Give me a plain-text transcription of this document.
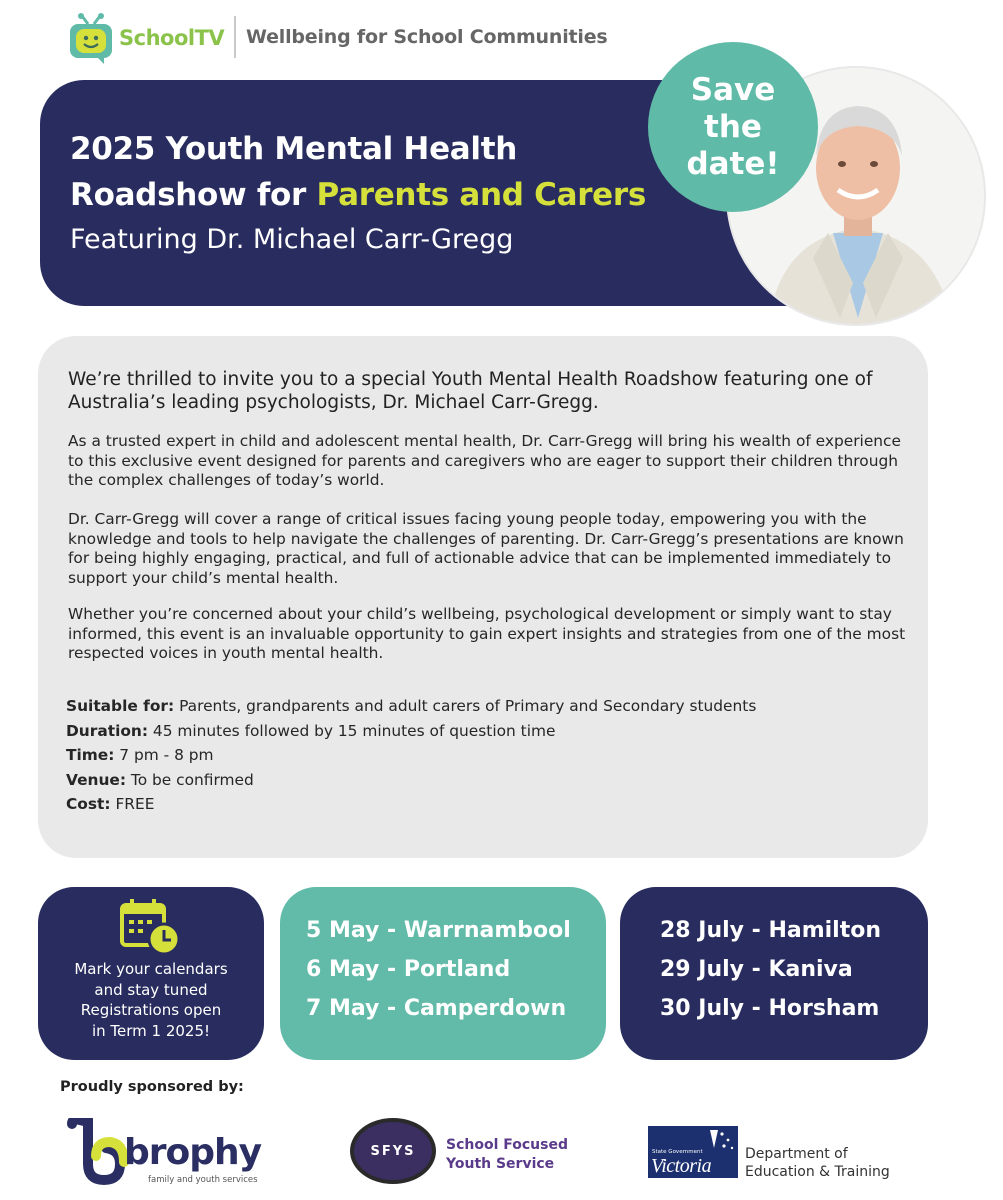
SchoolTV Wellbeing for School Communities
2025 Youth Mental Health
Roadshow for Parents and Carers
Featuring Dr. Michael Carr-Gregg
Save
the
date!
We’re thrilled to invite you to a special Youth Mental Health Roadshow featuring one of Australia’s leading psychologists, Dr. Michael Carr-Gregg.
As a trusted expert in child and adolescent mental health, Dr. Carr-Gregg will bring his wealth of experience to this exclusive event designed for parents and caregivers who are eager to support their children through the complex challenges of today’s world.
Dr. Carr-Gregg will cover a range of critical issues facing young people today, empowering you with the knowledge and tools to help navigate the challenges of parenting. Dr. Carr-Gregg’s presentations are known for being highly engaging, practical, and full of actionable advice that can be implemented immediately to support your child’s mental health.
Whether you’re concerned about your child’s wellbeing, psychological development or simply want to stay informed, this event is an invaluable opportunity to gain expert insights and strategies from one of the most respected voices in youth mental health.
Suitable for: Parents, grandparents and adult carers of Primary and Secondary students
Duration: 45 minutes followed by 15 minutes of question time
Time: 7 pm - 8 pm
Venue: To be confirmed
Cost: FREE
Mark your calendars
and stay tuned
Registrations open
in Term 1 2025!
5 May - Warrnambool
6 May - Portland
7 May - Camperdown
28 July - Hamilton
29 July - Kaniva
30 July - Horsham
Proudly sponsored by:
brophy
family and youth services
SFYS School Focused
Youth Service
State Government
Victoria
Department of
Education & Training
